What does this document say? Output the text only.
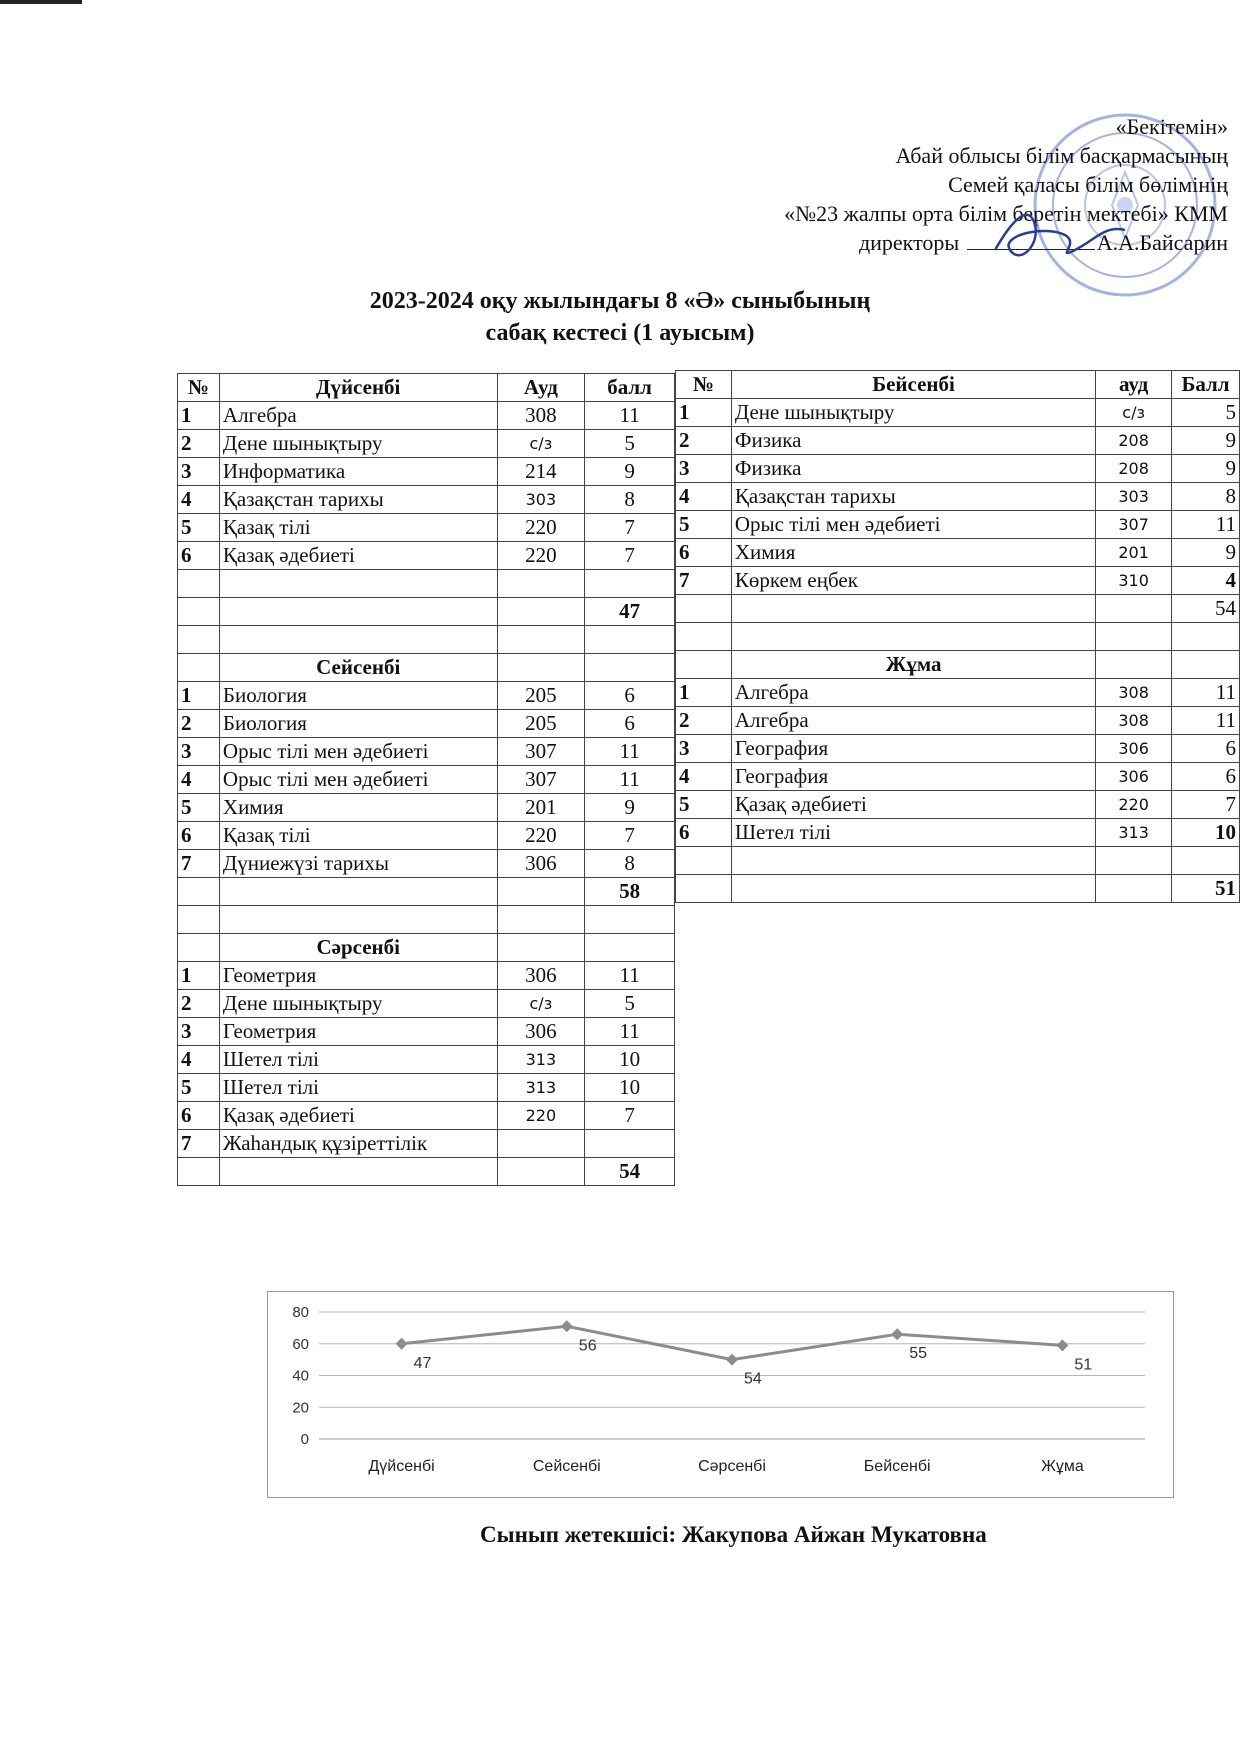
«Бекітемін»
Абай облысы білім басқармасының
Семей қаласы білім бөлімінің
«№23 жалпы орта білім беретін мектебі» КММ
директоры	А.А.Байсарин
2023-2024 оқу жылындағы 8 «Ә» сыныбының
сабақ кестесі (1 ауысым)
№	Дүйсенбі	Ауд	балл
1	Алгебра	308	11
2	Дене шынықтыру	с/з	5
3	Информатика	214	9
4	Қазақстан тарихы	303	8
5	Қазақ тілі	220	7
6	Қазақ әдебиеті	220	7

			47

	Сейсенбі		
1	Биология	205	6
2	Биология	205	6
3	Орыс тілі мен әдебиеті	307	11
4	Орыс тілі мен әдебиеті	307	11
5	Химия	201	9
6	Қазақ тілі	220	7
7	Дүниежүзі тарихы	306	8
			58

	Сәрсенбі		
1	Геометрия	306	11
2	Дене шынықтыру	с/з	5
3	Геометрия	306	11
4	Шетел тілі	313	10
5	Шетел тілі	313	10
6	Қазақ әдебиеті	220	7
7	Жаһандық құзіреттілік		
			54
№	Бейсенбі	ауд	Балл
1	Дене шынықтыру	с/з	5
2	Физика	208	9
3	Физика	208	9
4	Қазақстан тарихы	303	8
5	Орыс тілі мен әдебиеті	307	11
6	Химия	201	9
7	Көркем еңбек	310	4
			54

	Жұма		
1	Алгебра	308	11
2	Алгебра	308	11
3	География	306	6
4	География	306	6
5	Қазақ әдебиеті	220	7
6	Шетел тілі	313	10

			51
0
20
40
60
80
Дүйсенбі	Сейсенбі	Сәрсенбі	Бейсенбі	Жұма
47
56
54
55
51
Сынып жетекшісі: Жакупова Айжан Мукатовна
